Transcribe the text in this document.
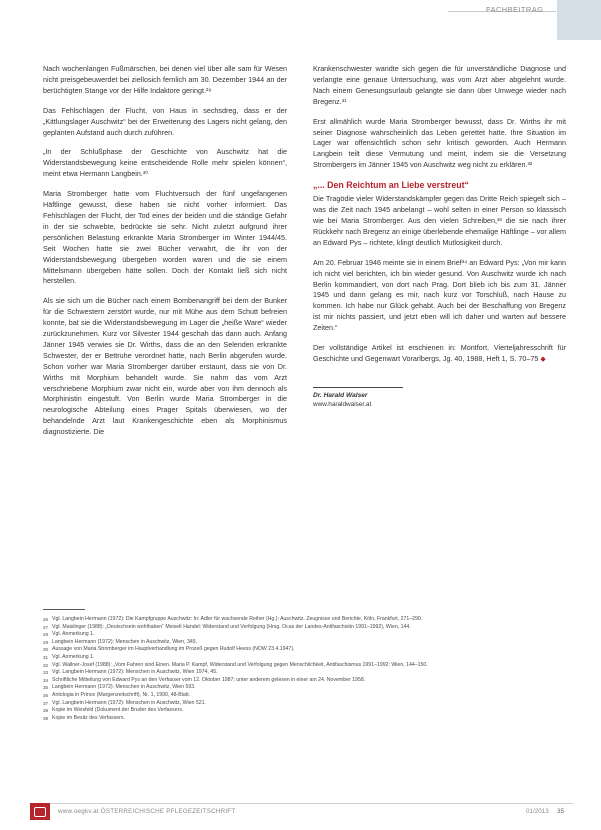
FACHBEITRAG

Nach wochenlangen Fußmärschen, bei denen viel über alle sam für Wesen nicht preisgebeuwerdet bei ziellosich fernlich am 30. Dezember 1944 an der berüchtigten Stange vor der Hilfe Indaktore geringt.²⁹

Das Fehlschlagen der Flucht, von Haus in sechsdreg, dass er der „Kittlungslager Auschwitz“ bei der Erweiterung des Lagers nicht gelang, den geplanten Aufstand auch durch zuführen.

„In der Schlußphase der Geschichte von Auschwitz hat die Widerstandsbewegung keine entscheidende Rolle mehr spielen können“, meint etwa Hermann Langbein.³⁰

Maria Stromberger hatte vom Fluchtversuch der fünf ungefangenen Häftlinge gewusst, diese haben sie nicht vorher informiert. Das Fehlschlagen der Flucht, der Tod eines der beiden und die ständige Gefahr in der sie schwebte, bedrückte sie sehr. Nicht zuletzt aufgrund ihrer persönlichen Belastung erkrankte Maria Stromberger im Winter 1944/45. Seit Wochen hatte sie zwei Bücher verwahrt, die ihr von der Widerstandsbewegung übergeben worden waren und die sie einem Mittelsmann übergeben hätte sollen. Doch der Kontakt ließ sich nicht herstellen.

Als sie sich um die Bücher nach einem Bombenangriff bei dem der Bunker für die Schwestern zerstört wurde, nur mit Mühe aus dem Schutt befreien konnte, bat sie die Widerstandsbewegung im Lager die „heiße Ware“ wieder zurückzunehmen. Kurz vor Silvester 1944 geschah das dann auch. Anfang Jänner 1945 verwies sie Dr. Wirths, dass die an den Selenden erkrankte Schwester, der er Bettruhe verordnet hatte, nach Berlin abgerufen wurde. Schon vorher war Maria Stromberger darüber erstaunt, dass sie von Dr. Wirths mit Morphium behandelt wurde. Sie nahm das vom Arzt verschriebene Morphium zwar nicht ein, wurde aber von ihm dennoch als Morphinistin eingestuft. Von Berlin wurde Maria Stromberger in die neurologische Abteilung eines Prager Spitals überwiesen, wo der behandelnde Arzt laut Krankengeschichte eben als Morphinismus diagnostizierte. Die

Krankenschwester wandte sich gegen die für unverständliche Diagnose und verlangte eine genaue Untersuchung, was vom Arzt aber abgelehnt wurde. Nach einem Genesungsurlaub gelangte sie dann über Umwege wieder nach Bregenz.³¹

Erst allmählich wurde Maria Stromberger bewusst, dass Dr. Wirths ihr mit seiner Diagnose wahrscheinlich das Leben gerettet hatte. Ihre Situation im Lager war offensichtlich schon sehr kritisch geworden. Auch Hermann Langbein teilt diese Vermutung und meint, indem sie die Versetzung Strombergers im Jänner 1945 von Auschwitz weg nicht zu erklären.³²

„... Den Reichtum an Liebe verstreut“

Die Tragödie vieler Widerstandskämpfer gegen das Dritte Reich spiegelt sich – was die Zeit nach 1945 anbelangt – wohl selten in einer Person so klassisch wie bei Maria Stromberger. Aus den vielen Schreiben,³³ die sie nach ihrer Rückkehr nach Bregenz an einige überlebende ehemalige Häftlinge – vor allem an Edward Pys – richtete, klingt deutlich Mutlosigkeit durch.

Am 20. Februar 1946 meinte sie in einem Brief³⁴ an Edward Pys: „Von mir kann ich nicht viel berichten, ich bin wieder gesund. Von Auschwitz wurde ich nach Berlin kommandiert, von dort nach Prag. Dort blieb ich bis zum 31. Jänner 1945 und dann gelang es mir, nach kurz vor Torschluß, nach Hause zu kommen. Ich habe nur Glück gehabt. Auch bei der Beschaffung von Bregenz ist mir nichts passiert, und jetzt eben will ich daher und warten auf bessere Zeiten.“

Der vollständige Artikel ist erschienen in: Montfort. Vierteljahresschrift für Geschichte und Gegenwart Vorarlbergs, Jg. 40, 1988, Heft 1, S. 70–75 ◆

Dr. Harald Walser
www.haraldwalser.at
26 Vgl. Langbein Hermann (1972): Die Kampfgruppe Auschwitz: In: Adler für wachsende Reiher (Hg.): Auschwitz. Zeugnisse und Berichte, Köln, Frankfurt, 271–290.
27 Vgl. Maislinger (1988): „Deutschsein wohlhaben“ Meiselt Handel: Widerstand und Verfolgung (Hrsg. Ocas der Landes-Antifaschistin 1991–1992), Wien, 144.
28 Vgl. Anmerkung 1.
29 Langbein Hermann (1972): Menschen in Auschwitz, Wien, 345.
30 Aussage von Maria Stromberger im Hauptverhandlung im Prozeß gegen Rudolf Heess (NOW 23.4.1947).
31 Vgl. Anmerkung 1.
32 Vgl. Wallner-Josef (1988): „Vom Fahren sind Einen. Maria P. Kampf, Widerstand und Verfolgung gegen Menschlichkeit, Antifaschismus 1991–1992: Wien, 144–150.
33 Vgl. Langbein Hermann (1972): Menschen in Auschwitz, Wien 1974, 45.
34 Schriftliche Mitteilung von Edward Pys an den Verfasser vom 12. Oktober 1987; unter anderem gelesen in einer am 24. November 1958.
35 Langbein Hermann (1972): Menschen in Auschwitz, Wien 593.
36 Antologia in Prince (Margenzeitschrift), Nr. 1, 1990, 48-Blatt.
37 Vgl. Langbein Hermann (1972): Menschen in Auschwitz, Wien 521.
38 Kopie im Weisfeld (Dokument der Bruder des Verfassers.
39 Kopie im Besitz des Verfassers.
www.oegkv.at ÖSTERREICHISCHE PFLEGEZEITSCHRIFT	01/2013 35
